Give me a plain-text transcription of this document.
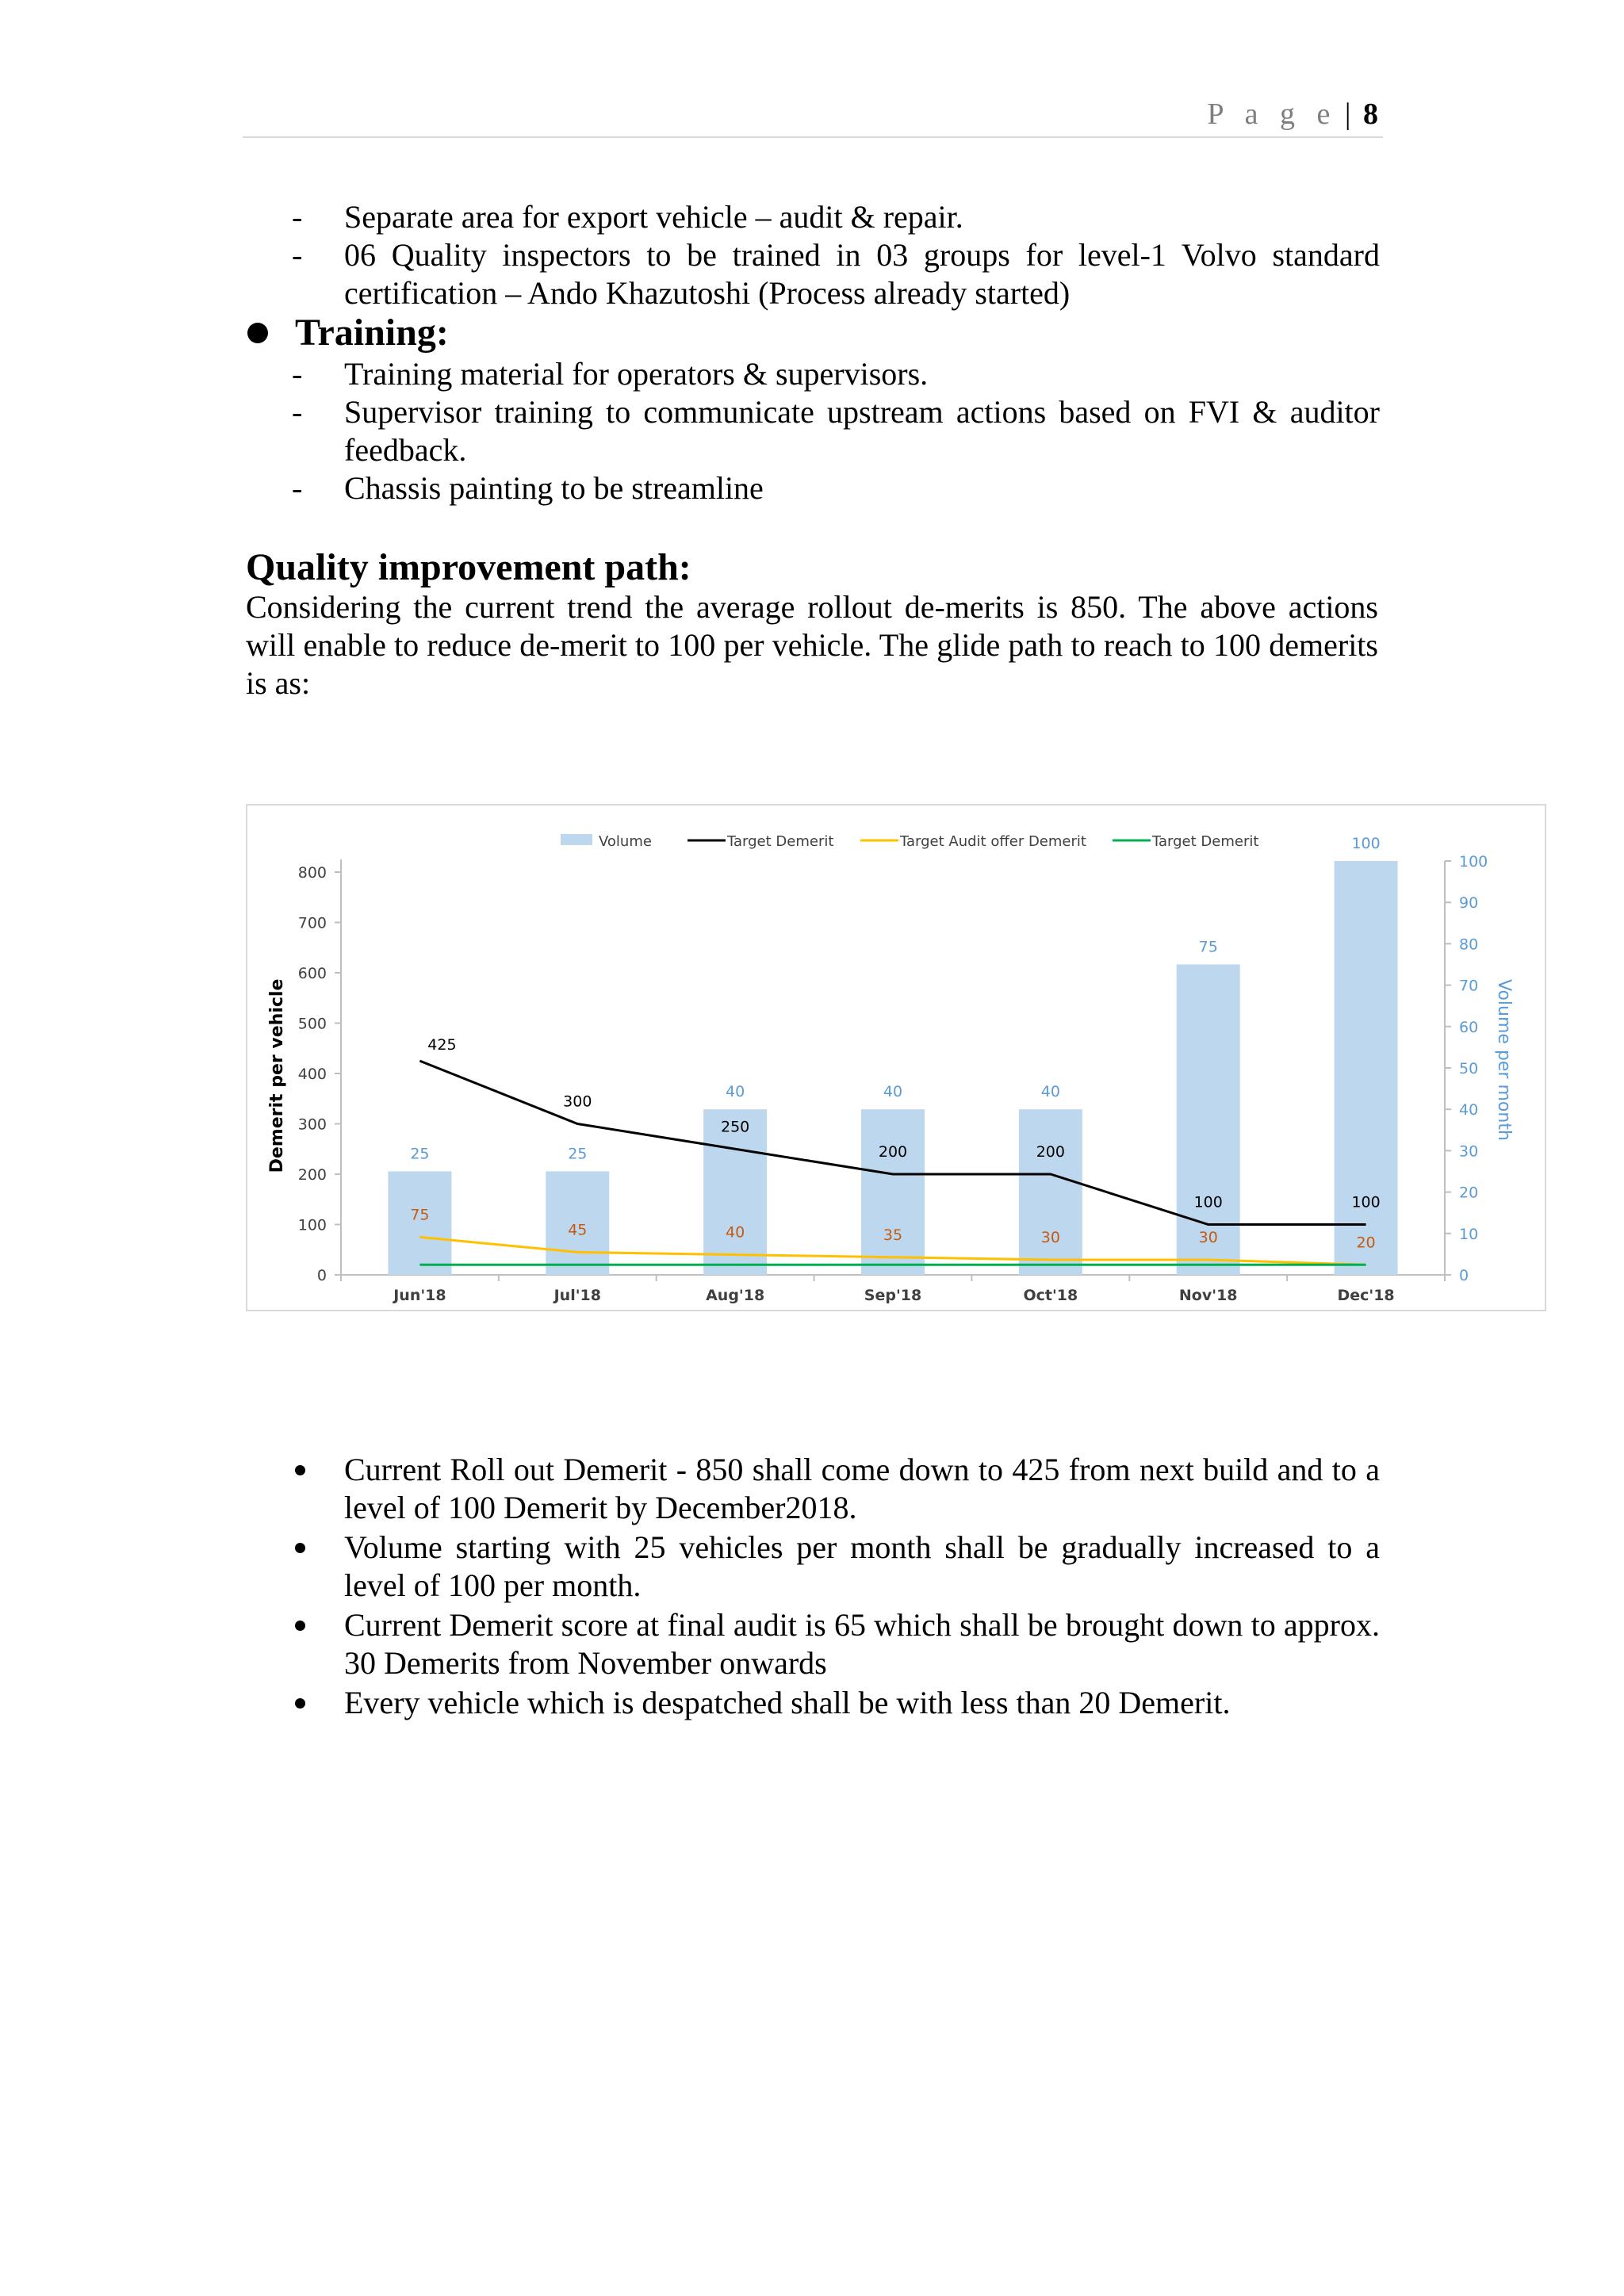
P a g e | 8
- Separate area for export vehicle – audit & repair.
- 06 Quality inspectors to be trained in 03 groups for level-1 Volvo standard certification – Ando Khazutoshi (Process already started)
Training:
- Training material for operators & supervisors.
- Supervisor training to communicate upstream actions based on FVI & auditor feedback.
- Chassis painting to be streamline
Quality improvement path:
Considering the current trend the average rollout de-merits is 850. The above actions will enable to reduce de-merit to 100 per vehicle. The glide path to reach to 100 demerits is as:
0
100
200
300
400
500
600
700
800
0
10
20
30
40
50
60
70
80
90
100
Jun'18	Jul'18	Aug'18	Sep'18	Oct'18	Nov'18	Dec'18
Demerit per vehicle	Volume per month
25	25
40	40	40
75
100
425
300
250
200	200
100	100
75
45	40	35	30	30	20
Volume	Target Demerit	Target Audit offer Demerit	Target Demerit
Current Roll out Demerit - 850 shall come down to 425 from next build and to a level of 100 Demerit by December2018.
Volume starting with 25 vehicles per month shall be gradually increased to a level of 100 per month.
Current Demerit score at final audit is 65 which shall be brought down to approx. 30 Demerits from November onwards
Every vehicle which is despatched shall be with less than 20 Demerit.
